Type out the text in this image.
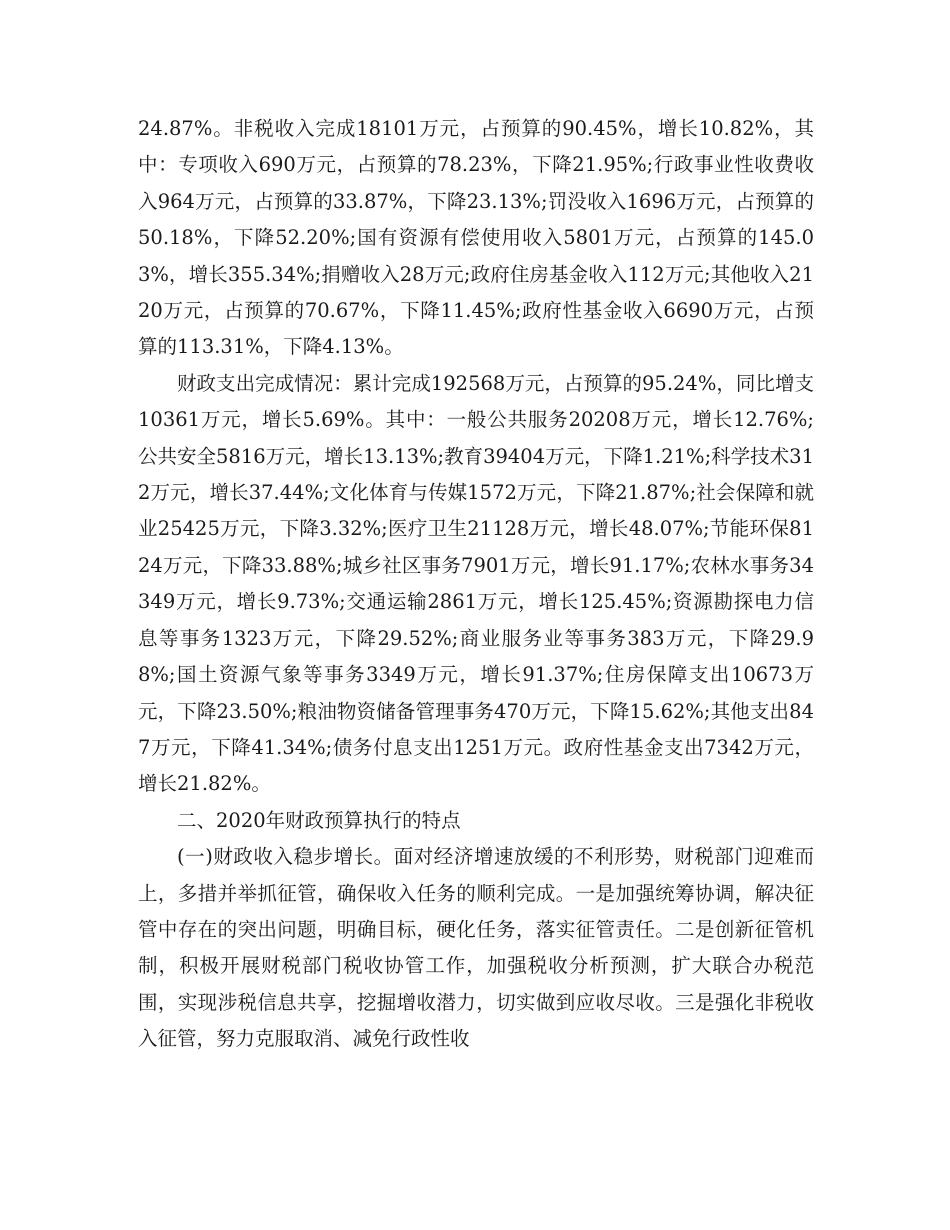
24.87%。非税收入完成18101万元，占预算的90.45%，增长10.82%，其中：专项收入690万元，占预算的78.23%，下降21.95%;行政事业性收费收入964万元，占预算的33.87%，下降23.13%;罚没收入1696万元，占预算的50.18%，下降52.20%;国有资源有偿使用收入5801万元，占预算的145.03%，增长355.34%;捐赠收入28万元;政府住房基金收入112万元;其他收入2120万元，占预算的70.67%，下降11.45%;政府性基金收入6690万元，占预算的113.31%，下降4.13%。

财政支出完成情况：累计完成192568万元，占预算的95.24%，同比增支10361万元，增长5.69%。其中：一般公共服务20208万元，增长12.76%;公共安全5816万元，增长13.13%;教育39404万元，下降1.21%;科学技术312万元，增长37.44%;文化体育与传媒1572万元，下降21.87%;社会保障和就业25425万元，下降3.32%;医疗卫生21128万元，增长48.07%;节能环保8124万元，下降33.88%;城乡社区事务7901万元，增长91.17%;农林水事务34349万元，增长9.73%;交通运输2861万元，增长125.45%;资源勘探电力信息等事务1323万元，下降29.52%;商业服务业等事务383万元，下降29.98%;国土资源气象等事务3349万元，增长91.37%;住房保障支出10673万元，下降23.50%;粮油物资储备管理事务470万元，下降15.62%;其他支出847万元，下降41.34%;债务付息支出1251万元。政府性基金支出7342万元，增长21.82%。

二、2020年财政预算执行的特点

(一)财政收入稳步增长。面对经济增速放缓的不利形势，财税部门迎难而上，多措并举抓征管，确保收入任务的顺利完成。一是加强统筹协调，解决征管中存在的突出问题，明确目标，硬化任务，落实征管责任。二是创新征管机制，积极开展财税部门税收协管工作，加强税收分析预测，扩大联合办税范围，实现涉税信息共享，挖掘增收潜力，切实做到应收尽收。三是强化非税收入征管，努力克服取消、减免行政性收
